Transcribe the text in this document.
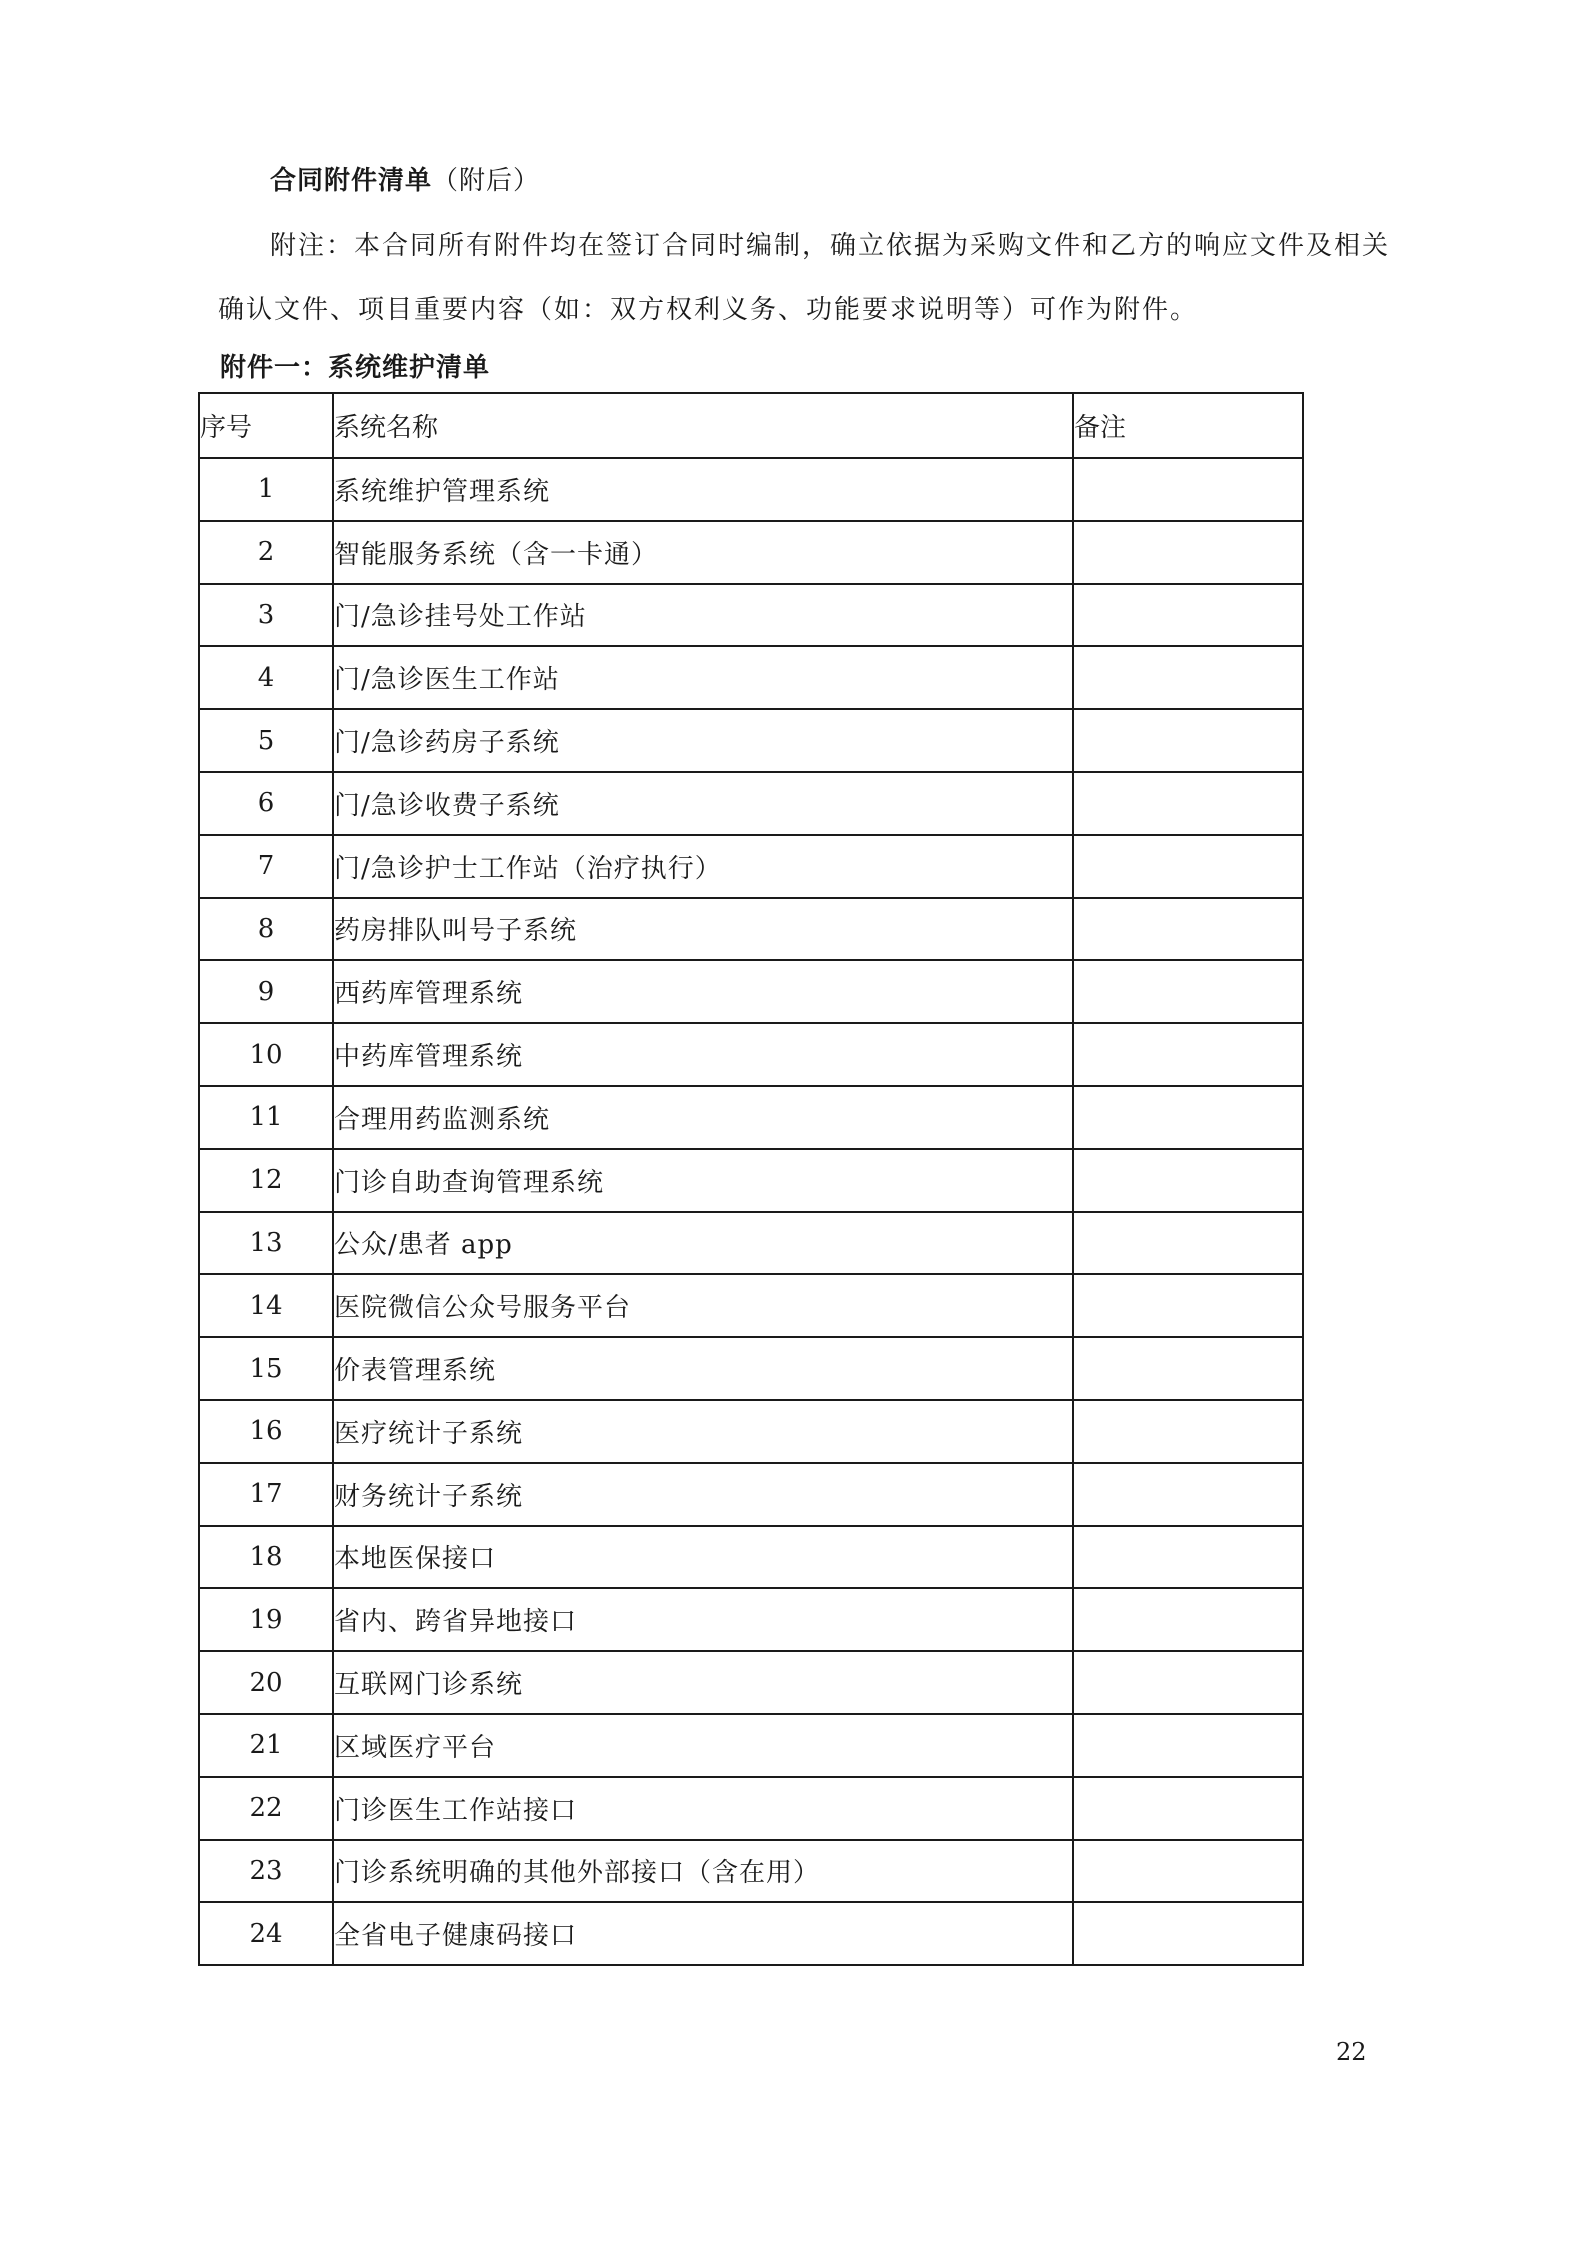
合同附件清单（附后）
附注：本合同所有附件均在签订合同时编制，确立依据为采购文件和乙方的响应文件及相关确认文件、项目重要内容（如：双方权利义务、功能要求说明等）可作为附件。
附件一：系统维护清单
序号	系统名称	备注
1	系统维护管理系统	
2	智能服务系统（含一卡通）	
3	门/急诊挂号处工作站	
4	门/急诊医生工作站	
5	门/急诊药房子系统	
6	门/急诊收费子系统	
7	门/急诊护士工作站（治疗执行）	
8	药房排队叫号子系统	
9	西药库管理系统	
10	中药库管理系统	
11	合理用药监测系统	
12	门诊自助查询管理系统	
13	公众/患者 app	
14	医院微信公众号服务平台	
15	价表管理系统	
16	医疗统计子系统	
17	财务统计子系统	
18	本地医保接口	
19	省内、跨省异地接口	
20	互联网门诊系统	
21	区域医疗平台	
22	门诊医生工作站接口	
23	门诊系统明确的其他外部接口（含在用）	
24	全省电子健康码接口	
22
